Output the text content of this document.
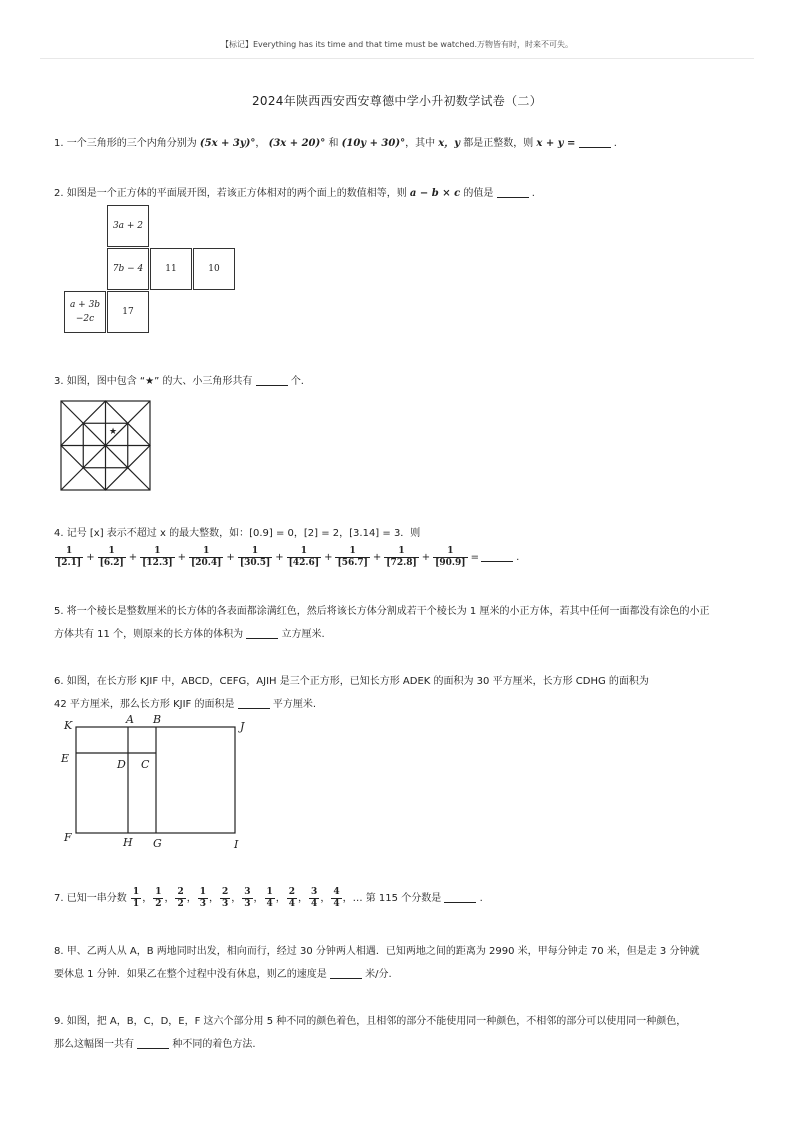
【标记】Everything has its time and that time must be watched.万物皆有时，时来不可失。
2024年陕西西安西安尊德中学小升初数学试卷（二）
1. 一个三角形的三个内角分别为 (5x + 3y)°， (3x + 20)° 和 (10y + 30)°，其中 x，y 都是正整数，则 x + y =	.
2. 如图是一个正方体的平面展开图，若该正方体相对的两个面上的数值相等，则 a − b × c 的值是	.
3a + 2
7b − 4	11	10
a + 3b
−2c
17
3. 如图，图中包含 “★” 的大、小三角形共有	个.
★
4. 记号 [x] 表示不超过 x 的最大整数，如：[0.9] = 0，[2] = 2，[3.14] = 3．则
$\frac{1}{[2.1]} + \frac{1}{[6.2]} + \frac{1}{[12.3]} + \frac{1}{[20.4]} + \frac{1}{[30.5]} + \frac{1}{[42.6]} + \frac{1}{[56.7]} + \frac{1}{[72.8]} + \frac{1}{[90.9]}$ =	.
5. 将一个棱长是整数厘米的长方体的各表面都涂满红色，然后将该长方体分割成若干个棱长为 1 厘米的小正方体，若其中任何一面都没有涂色的小正
方体共有 11 个，则原来的长方体的体积为	立方厘米.
6. 如图，在长方形 KJIF 中，ABCD，CEFG，AJIH 是三个正方形，已知长方形 ADEK 的面积为 30 平方厘米，长方形 CDHG 的面积为
42 平方厘米，那么长方形 KJIF 的面积是	平方厘米.
K	A B
J
E	D C
F	H G	I
7. 已知一串分数 $\frac{1}{1}$ ， $\frac{1}{2}$ ， $\frac{2}{2}$ ， $\frac{1}{3}$ ， $\frac{2}{3}$ ， $\frac{3}{3}$ ， $\frac{1}{4}$ ， $\frac{2}{4}$ ， $\frac{3}{4}$ ， $\frac{4}{4}$ ，… 第 115 个分数是	.
8. 甲、乙两人从 A，B 两地同时出发，相向而行，经过 30 分钟两人相遇．已知两地之间的距离为 2990 米，甲每分钟走 70 米，但是走 3 分钟就
要休息 1 分钟．如果乙在整个过程中没有休息，则乙的速度是	米/分.
9. 如图，把 A，B，C，D，E，F 这六个部分用 5 种不同的颜色着色，且相邻的部分不能使用同一种颜色，不相邻的部分可以使用同一种颜色，
那么这幅图一共有	种不同的着色方法.
